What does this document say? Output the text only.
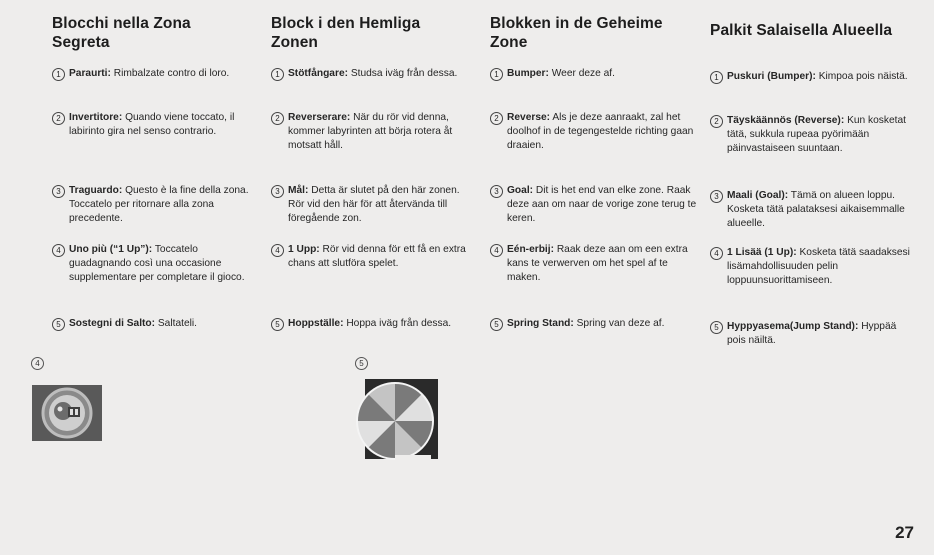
Blocchi nella Zona Segreta
1 Paraurti: Rimbalzate contro di loro.
2 Invertitore: Quando viene toccato, il labirinto gira nel senso contrario.
3 Traguardo: Questo è la fine della zona. Toccatelo per ritornare alla zona precedente.
4 Uno più (“1 Up”): Toccatelo guadagnando così una occasione supplementare per completare il gioco.
5 Sostegni di Salto: Saltateli.
Block i den Hemliga Zonen
1 Stötfångare: Studsa iväg från dessa.
2 Reverserare: När du rör vid denna, kommer labyrinten att börja rotera åt motsatt håll.
3 Mål: Detta är slutet på den här zonen. Rör vid den här för att återvända till föregående zon.
4 1 Upp: Rör vid denna för ett få en extra chans att slutföra spelet.
5 Hoppställe: Hoppa iväg från dessa.
Blokken in de Geheime Zone
1 Bumper: Weer deze af.
2 Reverse: Als je deze aanraakt, zal het doolhof in de tegengestelde richting gaan draaien.
3 Goal: Dit is het end van elke zone. Raak deze aan om naar de vorige zone terug te keren.
4 Eén-erbij: Raak deze aan om een extra kans te verwerven om het spel af te maken.
5 Spring Stand: Spring van deze af.
Palkit Salaisella Alueella
1 Puskuri (Bumper): Kimpoa pois näistä.
2 Täyskäännös (Reverse): Kun kosketat tätä, sukkula rupeaa pyörimään päinvastaiseen suuntaan.
3 Maali (Goal): Tämä on alueen loppu. Kosketa tätä palataksesi aikaisemmalle alueelle.
4 1 Lisää (1 Up): Kosketa tätä saadaksesi lisämahdollisuuden pelin loppuunsuorittamiseen.
5 Hyppyasema(Jump Stand): Hyppää pois näiltä.
4	5
27
